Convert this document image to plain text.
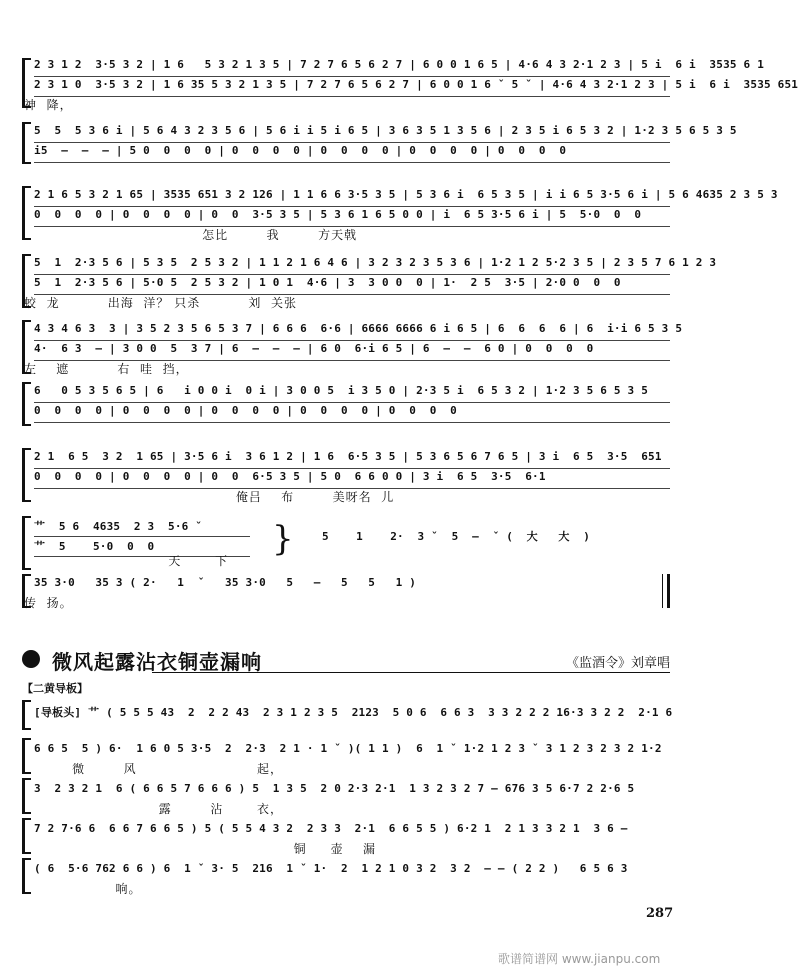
2 3 1 2  3·5 3 2 | 1 6   5 3 2 1 3 5 | 7 2 7 6 5 6 2 7 | 6 0 0 1 6 5 | 4·6 4 3 2·1 2 3 | 5 i  6 i  3535 6 1
2 3 1 0  3·5 3 2 | 1 6 35 5 3 2 1 3 5 | 7 2 7 6 5 6 2 7 | 6 0 0 1 6 ˇ 5 ˇ | 4·6 4 3 2·1 2 3 | 5 i  6 i  3535 651
神  降，
5  5  5 3 6 i | 5 6 4 3 2 3 5 6 | 5 6 i i 5 i 6 5 | 3 6 3 5 1 3 5 6 | 2 3 5 i 6 5 3 2 | 1·2 3 5 6 5 3 5
i5  –  –  – | 5 0  0  0  0 | 0  0  0  0 | 0  0  0  0 | 0  0  0  0 | 0  0  0  0
2 1 6 5 3 2 1 65 | 3535 651 3 2 126 | 1 1 6 6 3·5 3 5 | 5 3 6 i  6 5 3 5 | i i 6 5 3·5 6 i | 5 6 4635 2 3 5 3
0  0  0  0 | 0  0  0  0 | 0  0  3·5 3 5 | 5 3 6 1 6 5 0 0 | i  6 5 3·5 6 i | 5  5·0  0  0
怎比        我        方天戟
5  1  2·3 5 6 | 5 3 5  2 5 3 2 | 1 1 2 1 6 4 6 | 3 2 3 2 3 5 3 6 | 1·2 1 2 5·2 3 5 | 2 3 5 7 6 1 2 3
5  1  2·3 5 6 | 5·0 5  2 5 3 2 | 1 0 1  4·6 | 3  3 0 0  0 | 1·  2 5  3·5 | 2·0 0  0  0
蛟  龙          出海  洋？ 只杀          刘  关张
4 3 4 6 3  3 | 3 5 2 3 5 6 5 3 7 | 6 6 6  6·6 | 6666 6666 6 i 6 5 | 6  6  6  6 | 6  i·i 6 5 3 5
4·  6 3  – | 3 0 0  5  3 7 | 6  –  –  – | 6 0  6·i 6 5 | 6  –  –  6 0 | 0  0  0  0
左    遮          右  哇  挡，
6   0 5 3 5 6 5 | 6   i 0 0 i  0 i | 3 0 0 5  i 3 5 0 | 2·3 5 i  6 5 3 2 | 1·2 3 5 6 5 3 5
0  0  0  0 | 0  0  0  0 | 0  0  0  0 | 0  0  0  0 | 0  0  0  0
2 1  6 5  3 2  1 65 | 3·5 6 i  3 6 1 2 | 1 6  6·5 3 5 | 5 3 6 5 6 7 6 5 | 3 i  6 5  3·5  651
0  0  0  0 | 0  0  0  0 | 0  0  6·5 3 5 | 5 0  6 6 0 0 | 3 i  6 5  3·5  6·1
俺吕    布        美呀名  儿
艹  5 6  4635  2 3  5·6 ˇ
艹  5    5·0  0  0	}	5    1    2·  3 ˇ  5  –  ˇ (  大   大  )
天       下
35 3·0   35 3 ( 2·   1  ˇ   35 3·0   5   –   5   5   1 )
传  扬。
微风起露沾衣铜壶漏响	《监酒令》刘章唱
【二黄导板】
[导板头] 艹 ( 5 5 5 43  2  2 2 43  2 3 1 2 3 5  2123  5 0 6  6 6 3  3 3 2 2 2 16·3 3 2 2  2·1 6
6 6 5  5 ) 6·  1 6 0 5 3·5  2  2·3  2 1 · 1 ˇ )( 1 1 )  6  1 ˇ 1·2 1 2 3 ˇ 3 1 2 3 2 3 2 1·2
微        风                         起，
3  2 3 2 1  6 ( 6 6 5 7 6 6 6 ) 5  1 3 5  2 0 2·3 2·1  1 3 2 3 2 7 – 676 3 5 6·7 2 2·6 5
露        沾       衣，
7 2 7·6 6  6 6 7 6 6 5 ) 5 ( 5 5 4 3 2  2 3 3  2·1  6 6 5 5 ) 6·2 1  2 1 3 3 2 1  3 6 –
铜     壶    漏
( 6  5·6 762 6 6 ) 6  1 ˇ 3· 5  216  1 ˇ 1·  2  1 2 1 0 3 2  3 2  – – ( 2 2 )   6 5 6 3
响。
287
歌谱简谱网 www.jianpu.com
